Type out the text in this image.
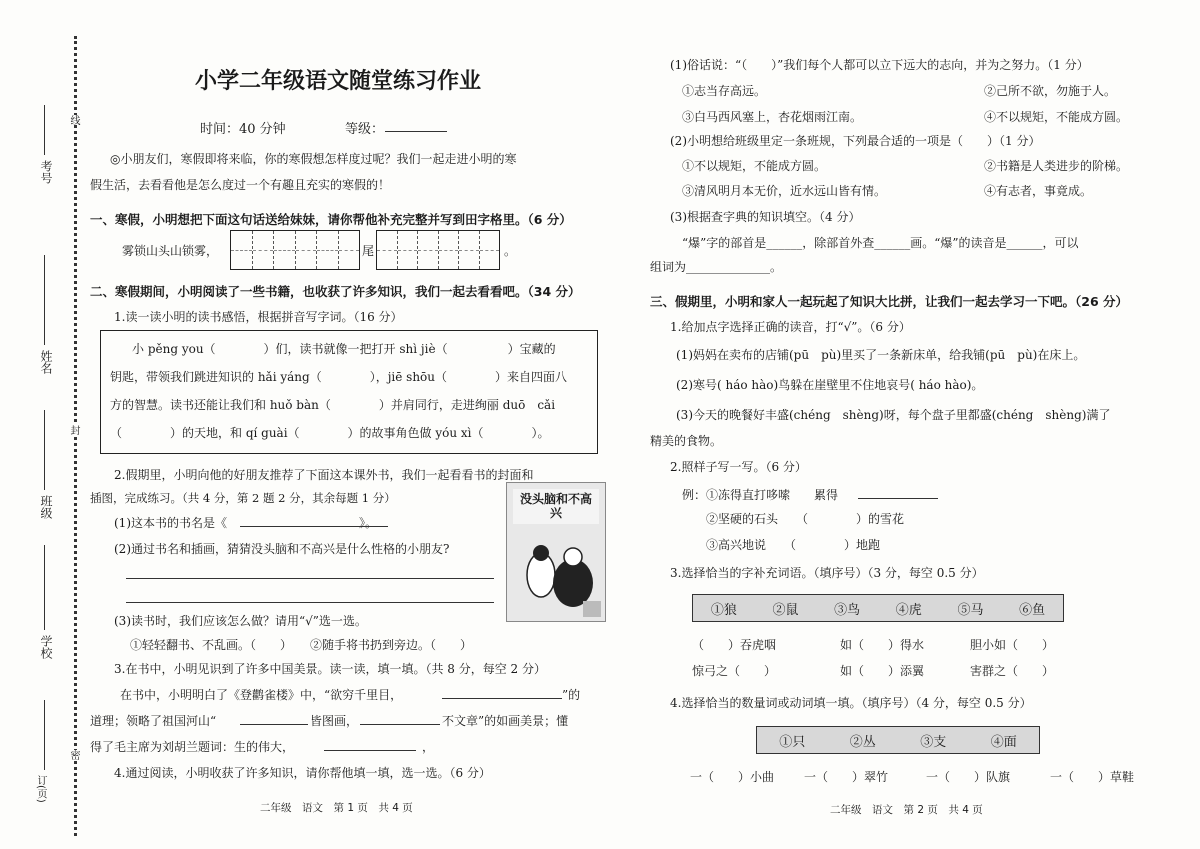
考号
姓名
班级
学校
订(页)
线
封
密
小学二年级语文随堂练习作业
时间：40 分钟	等级：
◎小朋友们，寒假即将来临，你的寒假想怎样度过呢？我们一起走进小明的寒
假生活，去看看他是怎么度过一个有趣且充实的寒假的！
一、寒假，小明想把下面这句话送给妹妹，请你帮他补充完整并写到田字格里。（6 分）
雾锁山头山锁雾，	尾	。
二、寒假期间，小明阅读了一些书籍，也收获了许多知识，我们一起去看看吧。（34 分）
1.读一读小明的读书感悟，根据拼音写字词。（16 分）
小 pěng you（　　　　）们，读书就像一把打开 shì jiè（　　　　　）宝藏的
钥匙，带领我们跳进知识的 hǎi yáng（　　　　），jiē shōu（　　　　）来自四面八
方的智慧。读书还能让我们和 huǒ bàn（　　　　）并肩同行，走进绚丽 duō　cǎi
（　　　　）的天地，和 qí guài（　　　　）的故事角色做 yóu xì（　　　　）。
2.假期里，小明向他的好朋友推荐了下面这本课外书，我们一起看看书的封面和
插图，完成练习。（共 4 分，第 2 题 2 分，其余每题 1 分）
(1)这本书的书名是《　　　　　　　　　　　》。
(2)通过书名和插画，猜猜没头脑和不高兴是什么性格的小朋友?
(3)读书时，我们应该怎么做？请用“√”选一选。
①轻轻翻书、不乱画。（　　）　　②随手将书扔到旁边。（　　）
没头脑和不高兴
3.在书中，小明见识到了许多中国美景。读一读，填一填。（共 8 分，每空 2 分）
在书中，小明明白了《登鹳雀楼》中，“欲穷千里目，	”的
道理；领略了祖国河山“	皆图画，	不文章”的如画美景；懂
得了毛主席为刘胡兰题词：生的伟大，	，
4.通过阅读，小明收获了许多知识，请你帮他填一填，选一选。（6 分）
二年级　语文　第 1 页　共 4 页
(1)俗话说：“（　　）”我们每个人都可以立下远大的志向，并为之努力。（1 分）
①志当存高远。	②己所不欲，勿施于人。
③白马西风塞上，杏花烟雨江南。	④不以规矩，不能成方圆。
(2)小明想给班级里定一条班规，下列最合适的一项是（　　）（1 分）
①不以规矩，不能成方圆。	②书籍是人类进步的阶梯。
③清风明月本无价，近水远山皆有情。	④有志者，事竟成。
(3)根据查字典的知识填空。（4 分）
“爆”字的部首是______，除部首外查______画。“爆”的读音是______，可以
组词为______________。
三、假期里，小明和家人一起玩起了知识大比拼，让我们一起去学习一下吧。（26 分）
1.给加点字选择正确的读音，打“√”。（6 分）
(1)妈妈在卖布的店铺(pū　pù)里买了一条新床单，给我铺(pū　pù)在床上。
(2)寒号( háo hào)鸟躲在崖壁里不住地哀号( háo hào)。
(3)今天的晚餐好丰盛(chéng　shèng)呀，每个盘子里都盛(chéng　shèng)满了
精美的食物。
2.照样子写一写。（6 分）
例：①冻得直打哆嗦　　累得
②坚硬的石头　　（　　　　）的雪花
③高兴地说　　（　　　　）地跑
3.选择恰当的字补充词语。（填序号）（3 分，每空 0.5 分）
①狼	②鼠	③鸟	④虎	⑤马	⑥鱼
（　　）吞虎咽	如（　　）得水	胆小如（　　）
惊弓之（　　）	如（　　）添翼	害群之（　　）
4.选择恰当的数量词或动词填一填。（填序号）（4 分，每空 0.5 分）
①只	②丛	③支	④面
一（　　）小曲 一（　　）翠竹	一（　　）队旗	一（　　）草鞋
二年级　语文　第 2 页　共 4 页
